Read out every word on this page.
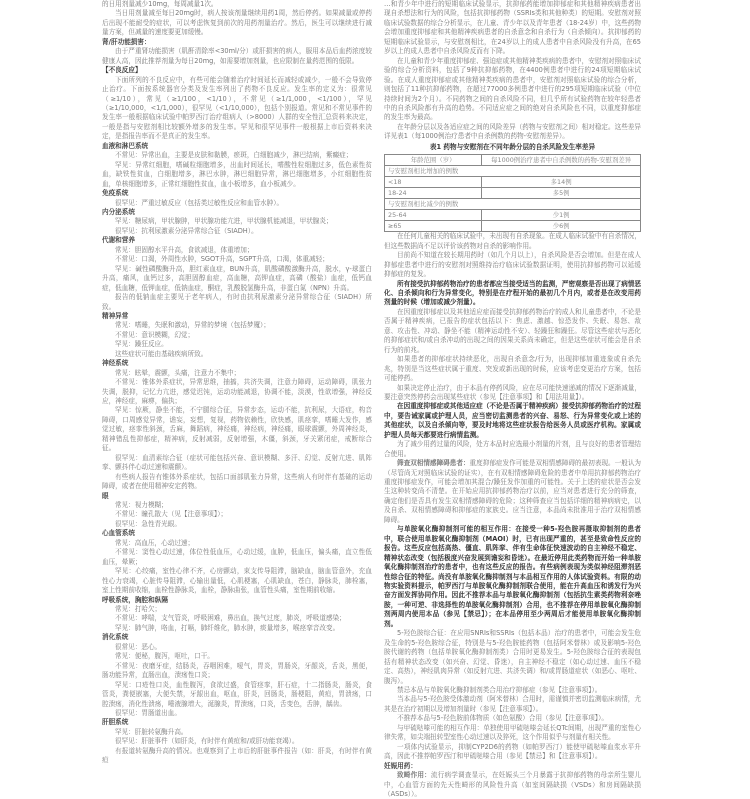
的日用剂量减少10mg，每周减量1次。

当日用剂量减至每日20mg时，病人按该剂量继续用药1周，然后停药。如果减量或停药后出现不能耐受的症状，可以考虑恢复到前次的用药剂量治疗。然后，医生可以继续进行减量方案，但减量的速度要更加缓慢。

肾/肝功能损害：

由于严重肾功能损害（肌酐清除率<30ml/分）或肝损害的病人，服用本品后血药浓度较健康人高，因此推荐剂量为每日20mg，如需要增加剂量，也应限制在量药范围的低限。

【不良反应】

下面所列的不良反应中，有些可能会随着治疗时间延长而减轻或减少，一般不会导致停止治疗。下面按系统器官分类及发生率列出了药物不良反应。发生率的定义为：很常见（≥1/10），常见（≥1/100，<1/10），不常见（≥1/1,000，<1/100），罕见（≥1/10,000，<1/1,000），很罕见（<1/10,000），包括个别报道。常见和不常见事件的发生率一般根据临床试验中帕罗西汀治疗组病人（>8000）人群的安全性汇总资料来决定，一般是指与安慰剂相比较额外增多的发生率。罕见和很罕见事件一般根据上市后资料来决定，是指报告率而不是真正的发生率。

血液和淋巴系统

不常见：异常出血，主要是皮肤和黏膜，瘀斑，白细胞减少，淋巴结病，紫癜症；

罕见：异常红细胞，嗜碱粒细胞增多，出血时间延长，嗜酸性粒细胞过多，低色素性贫血，缺铁性贫血，白细胞增多，淋巴水肿，淋巴细胞异常，淋巴细胞增多，小红细胞性贫血，单核细胞增多，正常红细胞性贫血，血小板增多，血小板减少。

免疫系统

很罕见：严重过敏反应（包括类过敏性反应和血管水肿）。

内分泌系统

罕见：糖尿病，甲状腺肿，甲状腺功能亢进，甲状腺机能减退，甲状腺炎；

很罕见：抗利尿激素分泌异常综合征（SIADH）。

代谢和营养

常见：胆固醇水平升高，食欲减退，体重增加；

不常见：口渴，外周性水肿，SGOT升高，SGPT升高，口渴，体重减轻；

罕见：碱性磷酸酶升高，胆红素血症，BUN升高，肌酸磷酸激酶升高，脱水，γ-球蛋白升高，痛风，血钙过多，高胆固醇血症，高血糖，高钾血症，高磷（酸盐）血症，低钙血症，低血糖，低钾血症，低钠血症，酮症，乳酸脱氢酶升高，非蛋白氮（NPN）升高。

报告的低钠血症主要见于老年病人，有时由抗利尿激素分泌异常综合征（SIADH）所致。

精神异常

常见：嗜睡，失眠和激动，异常的梦境（包括梦魇）；

不常见：意识模糊，幻觉；

罕见：躁狂反应。

这些症状可能由基础疾病所致。

神经系统

常见：眩晕，震颤，头痛，注意力不集中；

不常见：锥体外系症状，异常思维，抽搐，共济失调，注意力障碍，运动障碍，肌张力失调，脱抑，记忆力亢进，感觉迟钝，运动功能减退，协调不能，淡漠，性欲增强，神经反应，神经症，麻痹，偏执；

罕见：惊厥，静坐不能，不宁腿综合征，异常步态，运动不能，抗利尿，大语症，构音障碍，口周感觉异常，谵妄，妄想，复视，药物依赖性，欣快感，肌痉挛，嗜睡大发作，感觉过敏，痉挛性斜颈，舌麻，舞蹈病，神经痛，神经病，神经痛，眼球震颤，外周神经炎，精神错乱性抑郁症，精神病，反射减弱，反射增强，木僵，斜颈，牙关紧闭症，戒断综合征。

很罕见：血清素综合征（症状可能包括兴奋、意识模糊、多汗、幻觉、反射亢进、肌阵挛、颤抖伴心动过速和震颤）。

有些病人报告有锥体外系症状，包括口面部肌张力异常，这些病人有时伴有基础的运动障碍，或者在使用精神安定药物。

眼

常见：视力模糊；

不常见：瞳孔散大（见【注意事项】）；

很罕见：急性青光眼。

心血管系统

常见：高血压，心动过速；

不常见：窦性心动过速，体位性低血压，心动过缓，血肿，低血压，偏头痛，直立性低血压，晕厥；

罕见：心绞痛，室性心律不齐，心房颤动，束支传导阻滞，脑缺血，脑血管意外，充血性心力衰竭，心脏传导阻滞，心输出量低，心肌梗塞，心肌缺血，苍白，静脉炎，肺栓塞，室上性期前收缩，血栓性静脉炎，血栓，静脉曲张，血管性头痛，室性期前收缩。

呼吸系统，胸腔和纵隔

常见：打哈欠；

不常见：哮喘，支气管炎，呼吸困难，鼻出血，换气过度，肺炎，呼吸道感染；

罕见：肺气肿，咯血，打嗝，肺纤维化，肺水肿，痰量增多，喉痉挛音改变。

消化系统

很常见：恶心。

常见：便秘，腹泻，呕吐，口干。

不常见：夜磨牙症，结肠炎，吞咽困难，嗳气，胃炎，胃肠炎，牙龈炎，舌炎，黑便，肠功能异常，直肠出血，溃疡性口炎；

罕见：口疮性口炎，血性腹泻，食欲过盛，食管痉挛，肝石症，十二指肠炎，肠炎，食管炎，粪便嵌塞，大便失禁，牙龈出血，呕血，肝炎，回肠炎，肠梗阻，黄疸，胃溃疡，口腔溃疡，消化性溃疡，唾液腺增大，涎腺炎，胃溃疡，口炎，舌变色，舌肿，龋齿。

很罕见：胃肠道出血。

肝胆系统

罕见：肝脏转氨酶升高。

很罕见：肝脏事件（如肝炎，有时伴有黄疸和/或肝功能衰竭）。

有报道转氨酶升高的情况。也观察到了上市后的肝脏事件报告（如：肝炎，有时伴有黄疸

…和青少年中进行的短期临床试验显示，抗抑郁药能增加抑郁症和其他精神疾病患者出现自杀想法和行为的风险，包括抗抑郁药物（SSRIs类和其他种类）的短期。安慰剂对照临床试验数据的综合分析显示，在儿童、青少年以及青年患者（18-24岁）中，这些药物会增加重度抑郁症和其他精神疾病患者的自杀意念和自杀行为（自杀倾向）。抗抑郁药的短期临床试验显示，与安慰剂相比，在24岁以上的成人患者中自杀风险没有升高，在65岁以上的成人患者中自杀风险反而有下降。

在儿童和青少年重度抑郁症、强迫症或其他精神类疾病的患者中，安慰剂对照临床试验的综合分析资料，包括了9种抗抑郁药物，在4400例患者中进行的24项短期临床试验。在成人重度抑郁症或其他精神类疾病的患者中，安慰剂对照临床试验的综合分析，则包括了11种抗抑郁药物，在超过77000多例患者中进行的295项短期临床试验（中位持续时间为2个月）。不同药物之间的自杀风险不同，但几乎所有试验药物在较年轻患者中的自杀风险都有升高的趋势。不同适应症之间的绝对自杀风险也不同，以重度抑郁症的发生率为最高。

在年龄分层以及各适应症之间的风险差异（药物与安慰剂之间）相对稳定。这些差异详见表1（每1000例治疗患者中自杀例数的药物-安慰剂差异）。

表1 药物与安慰剂在不同年龄分层的自杀风险发生率差异
年龄范围（岁）	每1000例治疗患者中自杀例数的药物-安慰剂差异
与安慰剂相比增加的例数	
<18	多14例
18-24	多5例
与安慰剂相比减少的例数	
25-64	少1例
≥65	少6例

在任何儿童相关的临床试验中，未出现有自杀现象。在成人临床试验中有自杀情况，但这些数据尚不足以评价该药物对自杀的影响作用。

目前尚不知道在较长期用药时（如几个月以上），自杀风险是否会增加。但是在成人抑郁症患者中进行的安慰剂对照维持治疗临床试验数据证明，使用抗抑郁药物可以延缓抑郁症的复发。

所有接受抗抑郁药物治疗的患者都应当接受适当的监测，严密观察是否出现了病情恶化、自杀倾向和行为异常变化，特别是在疗程开始的最初几个月内，或者是在改变用药剂量的时候（增加或减少剂量）。

在因重度抑郁症以及其他适应症而接受抗抑郁药物治疗的成人和儿童患者中，不论是否属于精神疾病，已报告的症状包括以下：焦虑、激越、惊恐发作、失眠、易怒、敌意、攻击性、冲动、静坐不能（精神运动性不安）、轻躁狂和躁狂。尽管这些症状与恶化的抑郁症状和/或自杀冲动的出现之间的因果关系尚未确定，但是这些症状可能会是自杀行为的前兆。

如果患者的抑郁症状持续恶化，出现自杀意念/行为，出现抑郁加重迹象或自杀先兆，特别是当这些症状属于重度、突发或新出现的时候，应该考虑变更治疗方案，包括可能停药。

如果决定停止治疗，由于本品有停药风险，应在尽可能快速递减的情况下逐渐减量，要注意突然停药会出现某些症状（参见【注意事项】和【用法用量】）。

在因重度抑郁症或其他适应症（不论是否属于精神疾病）接受抗抑郁药物治疗的过程中，要告诫家属或护理人员，应当密切监测患者的兴奋、易怒、行为异常变化或上述的其他症状，以及自杀倾向等，要及时地将这些症状报告给医务人员或医疗机构。家属或护理人员每天都要进行病情监测。

为了减少用药过量的风险，处方本品时应选最小剂量的片剂，且与良好的患者管理结合使用。

筛查双相情感障碍患者：重度抑郁症发作可能是双相情感障碍的最初表现。一般认为（尽管尚无对照临床试验的证实），在有双相情感障碍危险的患者中单用抗抑郁药物治疗重度抑郁症发作，可能会增加其混合/躁狂发作加重的可能性。关于上述的症状是否会发生这种转变尚不清楚。在开始应用抗抑郁药物治疗以前，应当对患者进行充分的筛查，确定他们是否具有发生双相情感障碍的危险；这种筛查应当包括详细的精神病病史，以及自杀、双相情感障碍和抑郁症的家族史。应当注意，本品尚未批准用于治疗双相情感障碍。

与单胺氧化酶抑制剂可能的相互作用：在接受一种5-羟色胺再摄取抑制剂的患者中，联合使用单胺氧化酶抑制剂（MAOI）时，已有出现严重的，甚至是致命性反应的报告。这些反应包括高热、僵直、肌阵挛、伴有生命体征快速波动的自主神经不稳定、精神状态改变（包括极度兴奋发展到谵妄和昏迷）。在最近停用此类药物而开始一种单胺氧化酶抑制剂治疗的患者中，也有这些反应的报告。有些病例表现为类似神经阻滞剂恶性综合征的特征。尚没有单胺氧化酶抑制剂与本品相互作用的人体试验资料。有限的动物实验资料提示，帕罗西汀与单胺氧化酶抑制剂联合使用，能在升高血压和诱发行为兴奋方面发挥协同作用。因此不推荐本品与单胺氧化酶抑制剂（包括抗生素类药物利奈唑胺，一种可逆、非选择性的单胺氧化酶抑制剂）合用，也不推荐在停用单胺氧化酶抑制剂两周内使用本品（参见【禁忌】）；在本品停用至少两周后才能使用单胺氧化酶抑制剂。

5-羟色胺综合征：在应用SNRIs和SSRIs（包括本品）治疗的患者中，可能会发生危及生命的5-羟色胺综合征，特别是与5-羟色胺能药物（包括阿米替林）或及影响5-羟色胺代谢的药物（包括单胺氧化酶抑制剂类）合用时更易发生。5-羟色胺综合征的表现包括有精神状态改变（如兴奋、幻觉、昏迷），自主神经不稳定（如心动过速、血压不稳定、高热），神经肌肉异常（如反射亢进、共济失调）和/或胃肠道症状（如恶心、呕吐、腹泻）。

禁忌本品与单胺氧化酶抑制剂类合用治疗抑郁症（参见【注意事项】）。

当本品与5-羟色胺受体激动剂（阿米替林）合用时，需谨慎并密切监测临床病情，尤其是在治疗初期以及增加剂量时（参见【注意事项】）。

不推荐本品与5-羟色胺前体物质（如色氨酸）合用（参见【注意事项】）。

与甲硫哒嗪可能的相互作用：单独使用甲硫哒嗪会延长QTc间期，出现严重的室性心律失常，如尖端扭转型室性心动过速以及猝死，这个作用似乎与剂量有相关性。

一项体内试验显示，抑制CYP2D6的药物（如帕罗西汀）能使甲硫哒嗪血浆水平升高，因此不推荐帕罗西汀和甲硫哒嗪合用（参见【禁忌】和【注意事项】）。

妊娠用药：

致畸作用：流行病学调查显示，在妊娠头三个月暴露于抗抑郁药物的母亲所生婴儿中，心血管方面的先天性畸形的风险性升高（如室间隔缺损（VSDs）和房间隔缺损（ASDs））。
